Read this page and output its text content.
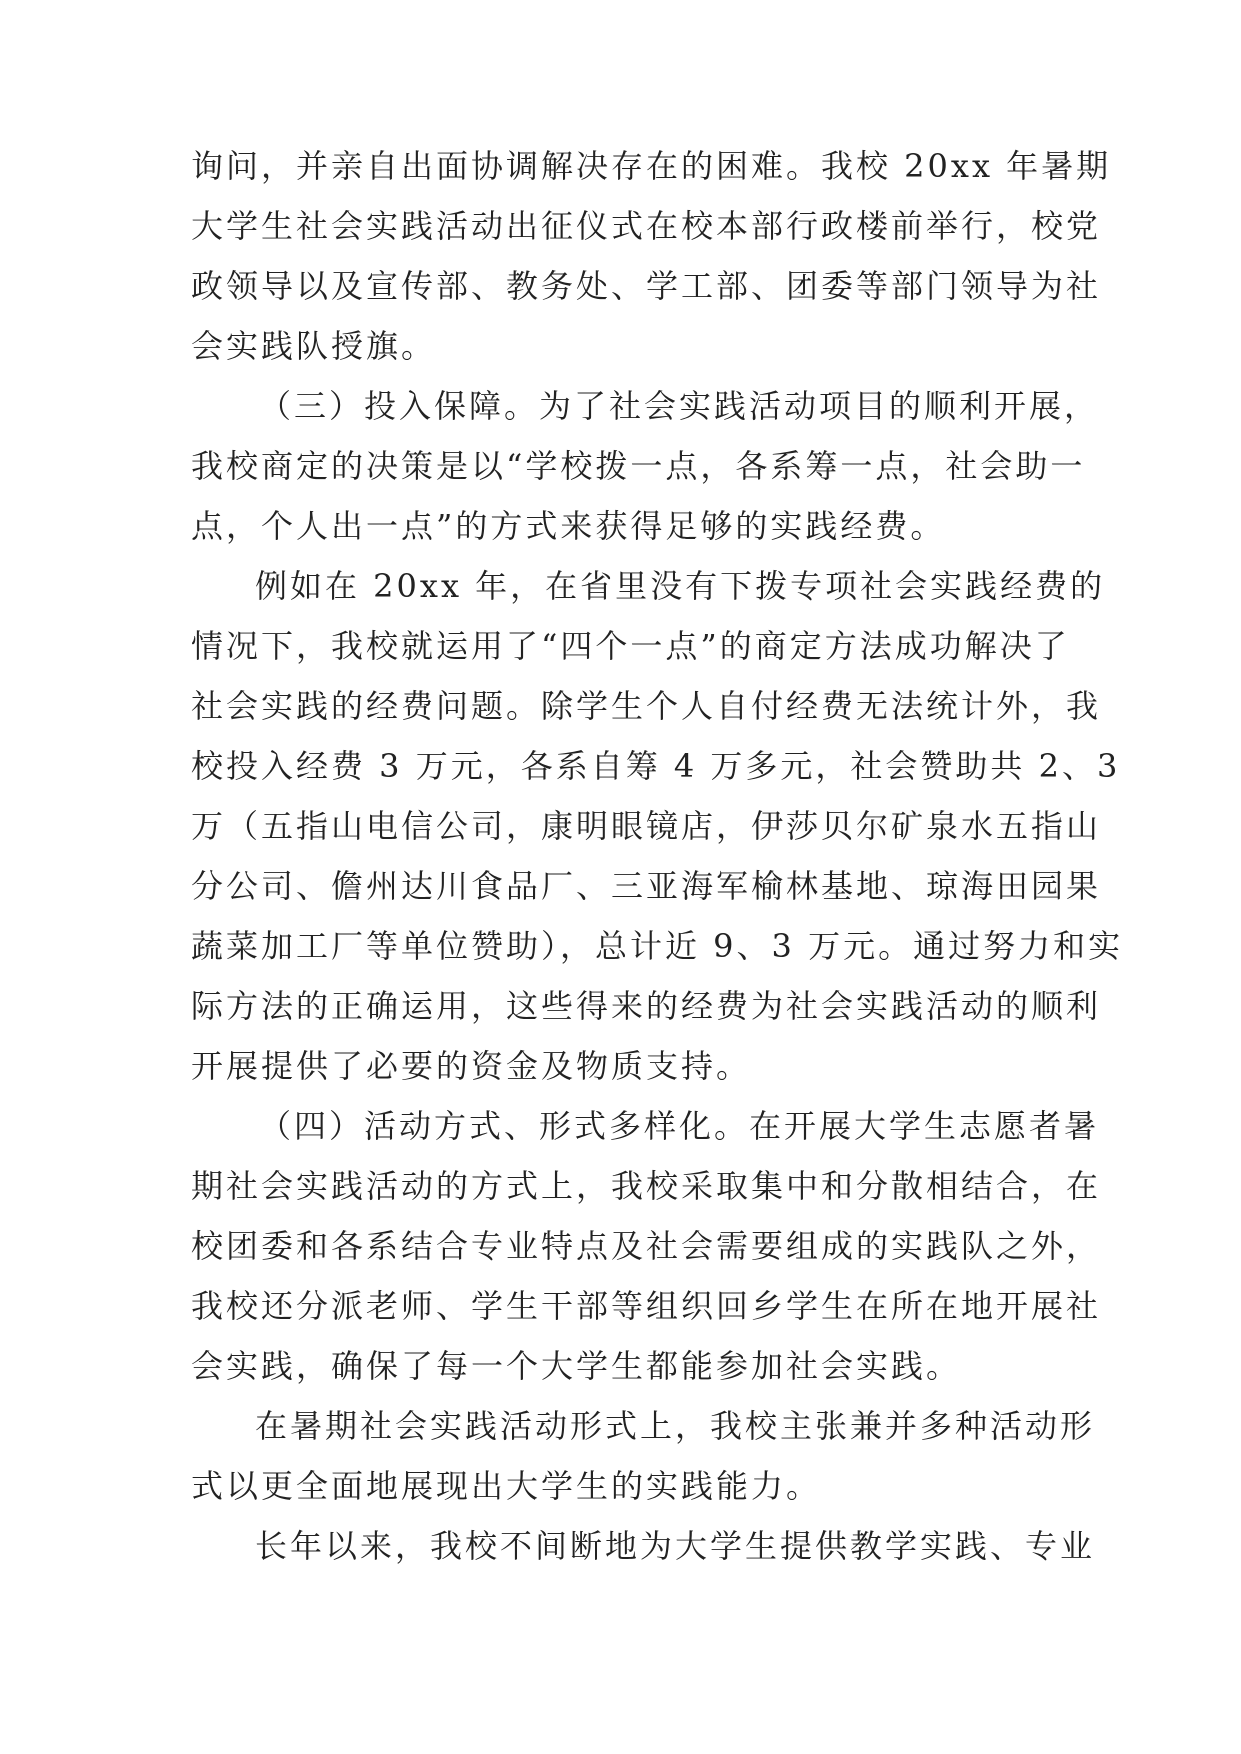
询问，并亲自出面协调解决存在的困难。我校 20xx 年暑期
大学生社会实践活动出征仪式在校本部行政楼前举行，校党
政领导以及宣传部、教务处、学工部、团委等部门领导为社
会实践队授旗。
（三）投入保障。为了社会实践活动项目的顺利开展，
我校商定的决策是以“学校拨一点，各系筹一点，社会助一
点，个人出一点”的方式来获得足够的实践经费。
例如在 20xx 年，在省里没有下拨专项社会实践经费的
情况下，我校就运用了“四个一点”的商定方法成功解决了
社会实践的经费问题。除学生个人自付经费无法统计外，我
校投入经费 3 万元，各系自筹 4 万多元，社会赞助共 2、3
万（五指山电信公司，康明眼镜店，伊莎贝尔矿泉水五指山
分公司、儋州达川食品厂、三亚海军榆林基地、琼海田园果
蔬菜加工厂等单位赞助），总计近 9、3 万元。通过努力和实
际方法的正确运用，这些得来的经费为社会实践活动的顺利
开展提供了必要的资金及物质支持。
（四）活动方式、形式多样化。在开展大学生志愿者暑
期社会实践活动的方式上，我校采取集中和分散相结合，在
校团委和各系结合专业特点及社会需要组成的实践队之外，
我校还分派老师、学生干部等组织回乡学生在所在地开展社
会实践，确保了每一个大学生都能参加社会实践。
在暑期社会实践活动形式上，我校主张兼并多种活动形
式以更全面地展现出大学生的实践能力。
长年以来，我校不间断地为大学生提供教学实践、专业
